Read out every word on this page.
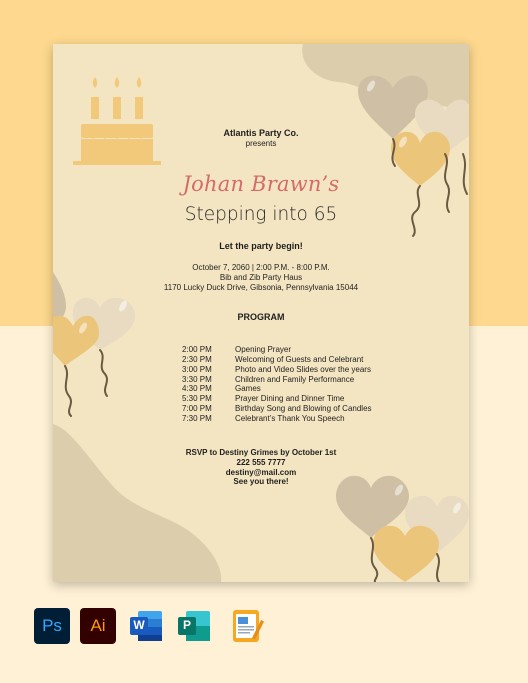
Atlantis Party Co.
presents
Johan Brawn’s
Stepping into 65
Let the party begin!
October 7, 2060 | 2:00 P.M. - 8:00 P.M.
Bib and Zib Party Haus
1170 Lucky Duck Drive, Gibsonia, Pennsylvania 15044
PROGRAM
2:00 PM	Opening Prayer
2:30 PM	Welcoming of Guests and Celebrant
3:00 PM	Photo and Video Slides over the years
3:30 PM	Children and Family Performance
4:30 PM	Games
5:30 PM	Prayer Dining and Dinner Time
7:00 PM	Birthday Song and Blowing of Candles
7:30 PM	Celebrant’s Thank You Speech
RSVP to Destiny Grimes by October 1st
222 555 7777
destiny@mail.com
See you there!
Ps	Ai	W	P
